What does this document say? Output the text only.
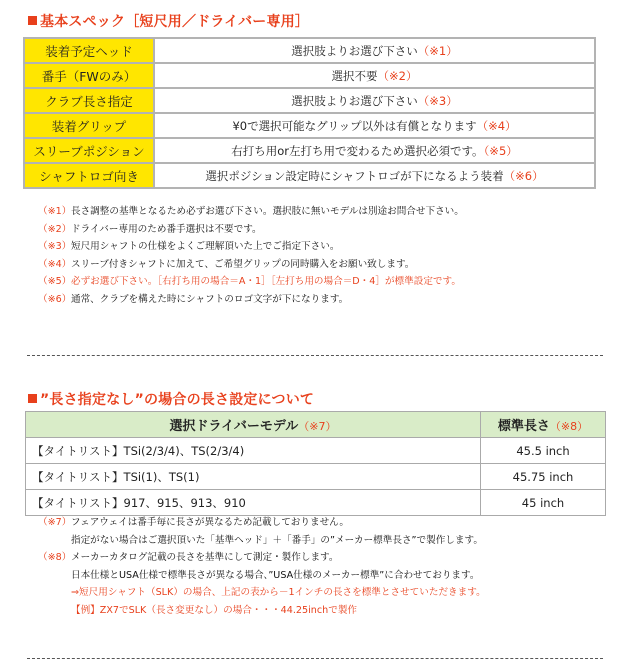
基本スペック［短尺用／ドライバー専用］
装着予定ヘッド	選択肢よりお選び下さい（※1）
番手（FWのみ）	選択不要（※2）
クラブ長さ指定	選択肢よりお選び下さい（※3）
装着グリップ	¥0で選択可能なグリップ以外は有償となります（※4）
スリーブポジション	右打ち用or左打ち用で変わるため選択必須です。（※5）
シャフトロゴ向き	選択ポジション設定時にシャフトロゴが下になるよう装着（※6）
（※1）長さ調整の基準となるため必ずお選び下さい。選択肢に無いモデルは別途お問合せ下さい。
（※2）ドライバー専用のため番手選択は不要です。
（※3）短尺用シャフトの仕様をよくご理解頂いた上でご指定下さい。
（※4）スリーブ付きシャフトに加えて、ご希望グリップの同時購入をお願い致します。
（※5）必ずお選び下さい。［右打ち用の場合＝A・1］［左打ち用の場合＝D・4］が標準設定です。
（※6）通常、クラブを構えた時にシャフトのロゴ文字が下になります。
”長さ指定なし”の場合の長さ設定について
選択ドライバーモデル（※7）	標準長さ（※8）
【タイトリスト】TSi(2/3/4)、TS(2/3/4)	45.5 inch
【タイトリスト】TSi(1)、TS(1)	45.75 inch
【タイトリスト】917、915、913、910	45 inch
（※7）フェアウェイは番手毎に長さが異なるため記載しておりません。
指定がない場合はご選択頂いた「基準ヘッド」＋「番手」の”メーカー標準長さ”で製作します。
（※8）メーカーカタログ記載の長さを基準にして測定・製作します。
日本仕様とUSA仕様で標準長さが異なる場合、”USA仕様のメーカー標準”に合わせております。
⇒短尺用シャフト（SLK）の場合、上記の表から－1インチの長さを標準とさせていただきます。
【例】ZX7でSLK（長さ変更なし）の場合・・・44.25inchで製作
